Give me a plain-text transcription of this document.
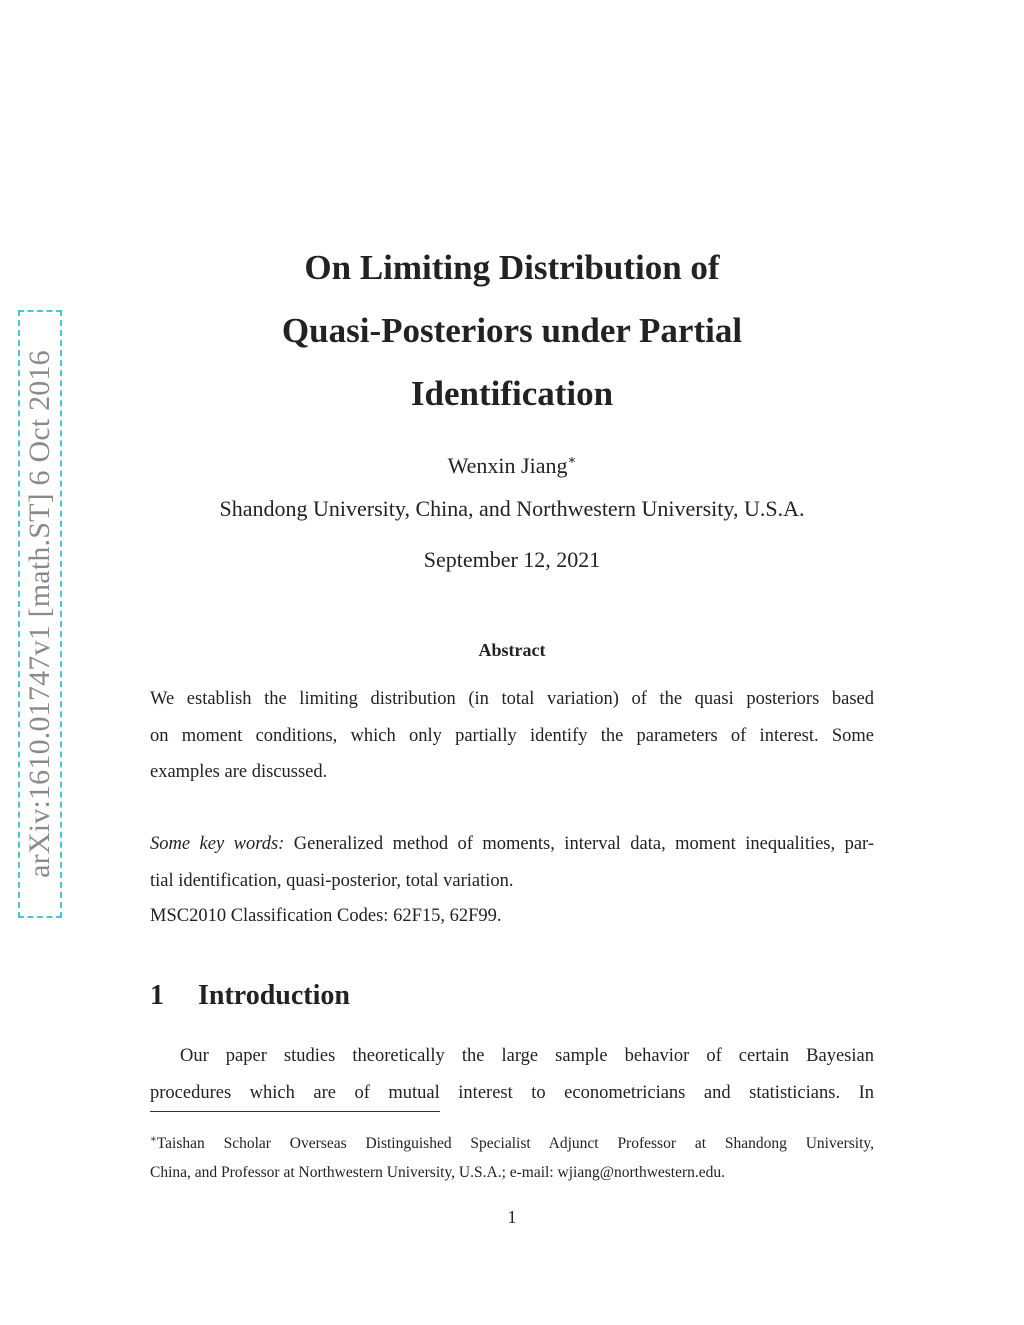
arXiv:1610.01747v1 [math.ST] 6 Oct 2016
On Limiting Distribution of
Quasi-Posteriors under Partial
Identification
Wenxin Jiang∗
Shandong University, China, and Northwestern University, U.S.A.
September 12, 2021
Abstract
We establish the limiting distribution (in total variation) of the quasi posteriors based
on moment conditions, which only partially identify the parameters of interest. Some
examples are discussed.
Some key words: Generalized method of moments, interval data, moment inequalities, par-
tial identification, quasi-posterior, total variation.
MSC2010 Classification Codes: 62F15, 62F99.
1 Introduction
Our paper studies theoretically the large sample behavior of certain Bayesian
procedures which are of mutual interest to econometricians and statisticians. In
∗Taishan Scholar Overseas Distinguished Specialist Adjunct Professor at Shandong University,
China, and Professor at Northwestern University, U.S.A.; e-mail: wjiang@northwestern.edu.
1
